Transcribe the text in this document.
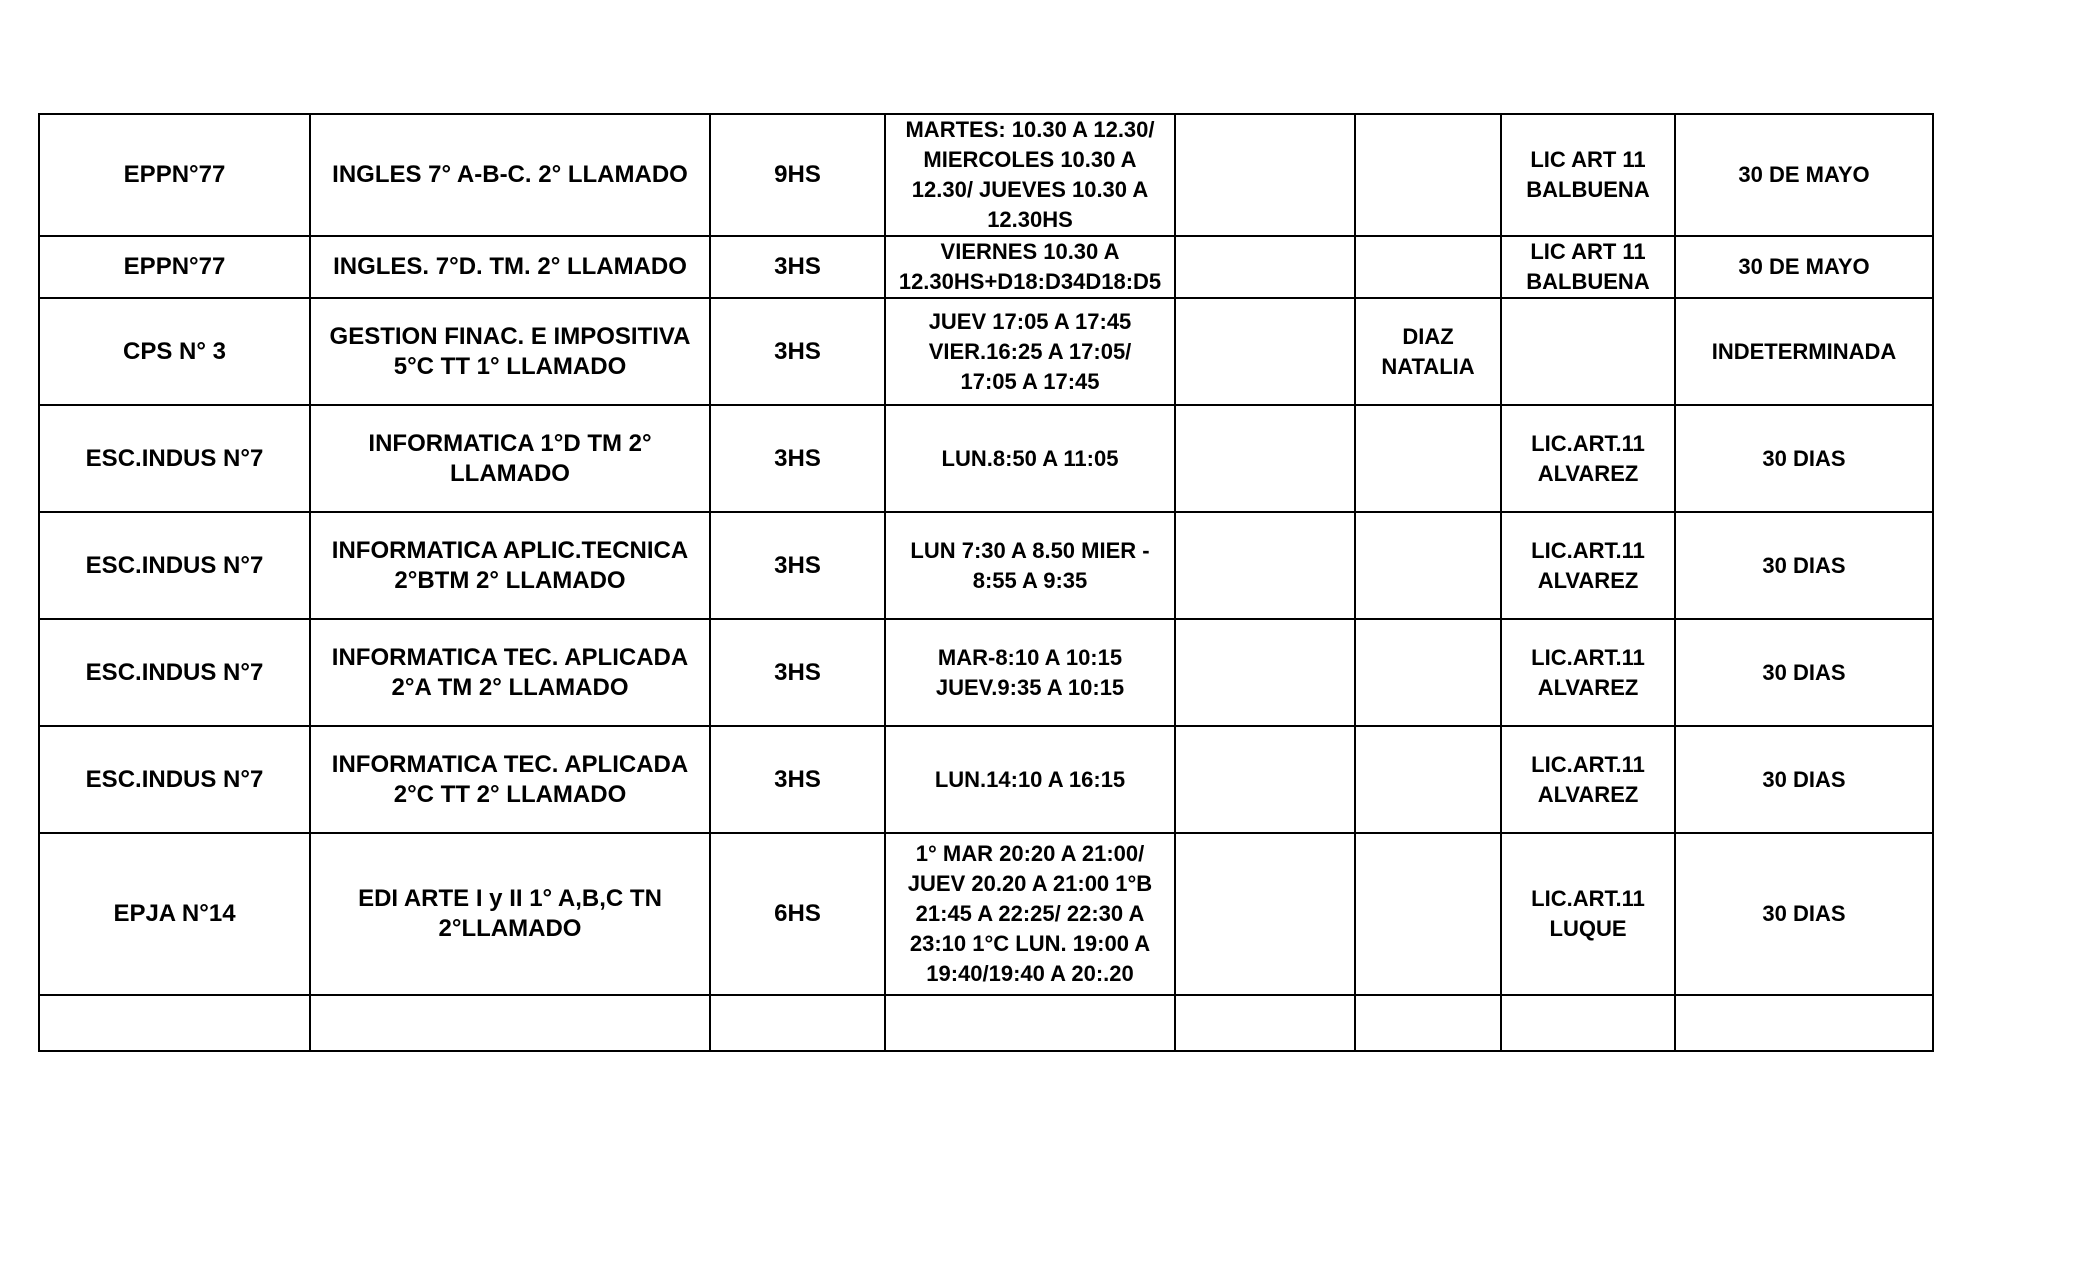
EPPN°77	INGLES 7° A-B-C. 2° LLAMADO	9HS	MARTES: 10.30 A 12.30/
MIERCOLES 10.30 A
12.30/ JUEVES 10.30 A
12.30HS			LIC ART 11
BALBUENA	30 DE MAYO
EPPN°77	INGLES. 7°D. TM. 2° LLAMADO	3HS	VIERNES 10.30 A
12.30HS+D18:D34D18:D5			LIC ART 11
BALBUENA	30 DE MAYO
CPS N° 3	GESTION FINAC. E IMPOSITIVA
5°C TT 1° LLAMADO	3HS	JUEV 17:05 A 17:45
VIER.16:25 A 17:05/
17:05 A 17:45		DIAZ
NATALIA		INDETERMINADA
ESC.INDUS N°7	INFORMATICA 1°D TM 2°
LLAMADO	3HS	LUN.8:50 A 11:05			LIC.ART.11
ALVAREZ	30 DIAS
ESC.INDUS N°7	INFORMATICA APLIC.TECNICA
2°BTM 2° LLAMADO	3HS	LUN 7:30 A 8.50 MIER -
8:55 A 9:35			LIC.ART.11
ALVAREZ	30 DIAS
ESC.INDUS N°7	INFORMATICA TEC. APLICADA
2°A TM 2° LLAMADO	3HS	MAR-8:10 A 10:15
JUEV.9:35 A 10:15			LIC.ART.11
ALVAREZ	30 DIAS
ESC.INDUS N°7	INFORMATICA TEC. APLICADA
2°C TT 2° LLAMADO	3HS	LUN.14:10 A 16:15			LIC.ART.11
ALVAREZ	30 DIAS
EPJA N°14	EDI ARTE I y II 1° A,B,C TN
2°LLAMADO	6HS	1° MAR 20:20 A 21:00/
JUEV 20.20 A 21:00 1°B
21:45 A 22:25/ 22:30 A
23:10 1°C LUN. 19:00 A
19:40/19:40 A 20:.20			LIC.ART.11
LUQUE	30 DIAS
